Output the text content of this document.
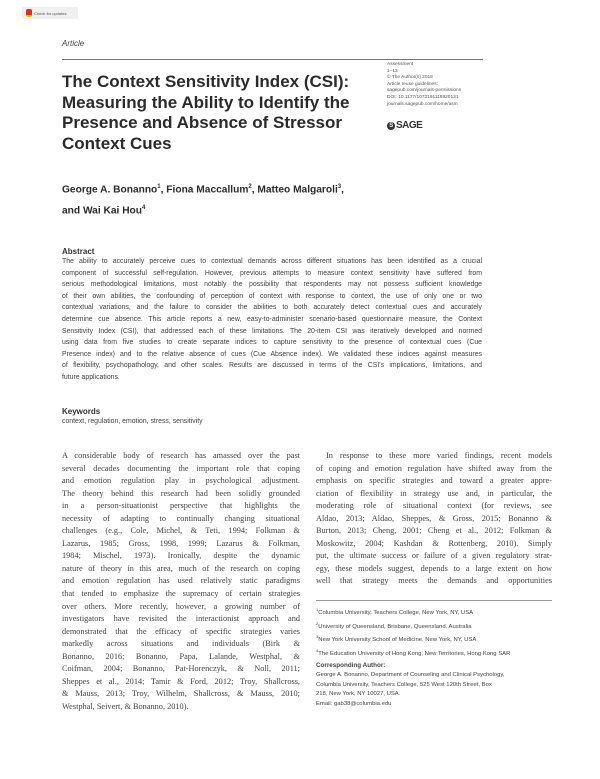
Check for updates
Article
The Context Sensitivity Index (CSI):
Measuring the Ability to Identify the
Presence and Absence of Stressor
Context Cues
Assessment
1–13
© The Author(s) 2018
Article reuse guidelines:
sagepub.com/journals-permissions
DOI: 10.1177/1073191118820131
journals.sagepub.com/home/asm
S SAGE
George A. Bonanno$^1$, Fiona Maccallum$^2$, Matteo Malgaroli$^3$,
and Wai Kai Hou$^4$
Abstract
The ability to accurately perceive cues to contextual demands across different situations has been identified as a crucial
component of successful self-regulation. However, previous attempts to measure context sensitivity have suffered from
serious methodological limitations, most notably the possibility that respondents may not possess sufficient knowledge
of their own abilities, the confounding of perception of context with response to context, the use of only one or two
contextual variations, and the failure to consider the abilities to both accurately detect contextual cues and accurately
determine cue absence. This article reports a new, easy-to-administer scenario-based questionnaire measure, the Context
Sensitivity Index (CSI), that addressed each of these limitations. The 20-item CSI was iteratively developed and normed
using data from five studies to create separate indices to capture sensitivity to the presence of contextual cues (Cue
Presence index) and to the relative absence of cues (Cue Absence index). We validated these indices against measures
of flexibility, psychopathology, and other scales. Results are discussed in terms of the CSI's implications, limitations, and
future applications.
Keywords
context, regulation, emotion, stress, sensitivity
A considerable body of research has amassed over the past
several decades documenting the important role that coping
and emotion regulation play in psychological adjustment.
The theory behind this research had been solidly grounded
in a person-situationist perspective that highlights the
necessity of adapting to continually changing situational
challenges (e.g., Cole, Michel, & Teti, 1994; Folkman &
Lazarus, 1985; Gross, 1998, 1999; Lazarus & Folkman,
1984; Mischel, 1973). Ironically, despite the dynamic
nature of theory in this area, much of the research on coping
and emotion regulation has used relatively static paradigms
that tended to emphasize the supremacy of certain strategies
over others. More recently, however, a growing number of
investigators have revisited the interactionist approach and
demonstrated that the efficacy of specific strategies varies
markedly across situations and individuals (Birk &
Bonanno, 2016; Bonanno, Papa, Lalande, Westphal, &
Coifman, 2004; Bonanno, Pat-Horenczyk, & Noll, 2011;
Sheppes et al., 2014; Tamir & Ford, 2012; Troy, Shallcross,
& Mauss, 2013; Troy, Wilhelm, Shallcross, & Mauss, 2010;
Westphal, Seivert, & Bonanno, 2010).
In response to these more varied findings, recent models
of coping and emotion regulation have shifted away from the
emphasis on specific strategies and toward a greater appre-
ciation of flexibility in strategy use and, in particular, the
moderating role of situational context (for reviews, see
Aldao, 2013; Aldao, Sheppes, & Gross, 2015; Bonanno &
Burton, 2013; Cheng, 2001; Cheng et al., 2012; Folkman &
Moskowitz, 2004; Kashdan & Rottenberg, 2010). Simply
put, the ultimate success or failure of a given regulatory strat-
egy, these models suggest, depends to a large extent on how
well that strategy meets the demands and opportunities
$^1$Columbia University, Teachers College, New York, NY, USA
$^2$University of Queensland, Brisbane, Queensland, Australia
$^3$New York University School of Medicine, New York, NY, USA
$^4$The Education University of Hong Kong, New Territories, Hong Kong SAR
Corresponding Author:
George A. Bonanno, Department of Counseling and Clinical Psychology,
Columbia University, Teachers College, 525 West 120th Street, Box
218, New York, NY 10027, USA.
Email: gab38@columbia.edu
